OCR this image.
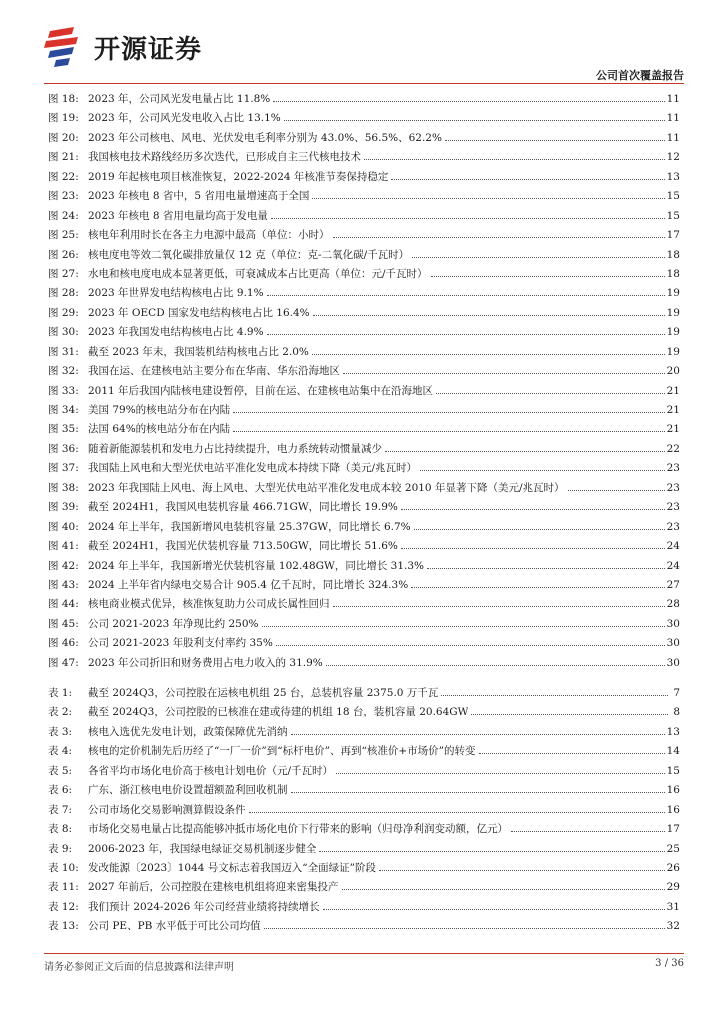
开源证券
公司首次覆盖报告
图 18: 2023 年，公司风光发电量占比 11.8%	11
图 19: 2023 年，公司风光发电收入占比 13.1%	11
图 20: 2023 年公司核电、风电、光伏发电毛利率分别为 43.0%、56.5%、62.2%	11
图 21: 我国核电技术路线经历多次迭代，已形成自主三代核电技术	12
图 22: 2019 年起核电项目核准恢复，2022-2024 年核准节奏保持稳定	13
图 23: 2023 年核电 8 省中，5 省用电量增速高于全国	15
图 24: 2023 年核电 8 省用电量均高于发电量	15
图 25: 核电年利用时长在各主力电源中最高（单位：小时）	17
图 26: 核电度电等效二氧化碳排放量仅 12 克（单位：克-二氧化碳/千瓦时）	18
图 27: 水电和核电度电成本显著更低，可衰减成本占比更高（单位：元/千瓦时）	18
图 28: 2023 年世界发电结构核电占比 9.1%	19
图 29: 2023 年 OECD 国家发电结构核电占比 16.4%	19
图 30: 2023 年我国发电结构核电占比 4.9%	19
图 31: 截至 2023 年末，我国装机结构核电占比 2.0%	19
图 32: 我国在运、在建核电站主要分布在华南、华东沿海地区	20
图 33: 2011 年后我国内陆核电建设暂停，目前在运、在建核电站集中在沿海地区	21
图 34: 美国 79%的核电站分布在内陆	21
图 35: 法国 64%的核电站分布在内陆	21
图 36: 随着新能源装机和发电力占比持续提升，电力系统转动惯量减少	22
图 37: 我国陆上风电和大型光伏电站平准化发电成本持续下降（美元/兆瓦时）	23
图 38: 2023 年我国陆上风电、海上风电、大型光伏电站平准化发电成本较 2010 年显著下降（美元/兆瓦时）	23
图 39: 截至 2024H1，我国风电装机容量 466.71GW，同比增长 19.9%	23
图 40: 2024 年上半年，我国新增风电装机容量 25.37GW，同比增长 6.7%	23
图 41: 截至 2024H1，我国光伏装机容量 713.50GW，同比增长 51.6%	24
图 42: 2024 年上半年，我国新增光伏装机容量 102.48GW，同比增长 31.3%	24
图 43: 2024 上半年省内绿电交易合计 905.4 亿千瓦时，同比增长 324.3%	27
图 44: 核电商业模式优异，核准恢复助力公司成长属性回归	28
图 45: 公司 2021-2023 年净现比约 250%	30
图 46: 公司 2021-2023 年股利支付率约 35%	30
图 47: 2023 年公司折旧和财务费用占电力收入的 31.9%	30
表 1:	截至 2024Q3，公司控股在运核电机组 25 台，总装机容量 2375.0 万千瓦	7
表 2:	截至 2024Q3，公司控股的已核准在建或待建的机组 18 台，装机容量 20.64GW	8
表 3:	核电入选优先发电计划，政策保障优先消纳	13
表 4:	核电的定价机制先后历经了“一厂一价”到“标杆电价”、再到“核准价+市场价”的转变	14
表 5:	各省平均市场化电价高于核电计划电价（元/千瓦时）	15
表 6:	广东、浙江核电电价设置超额盈利回收机制	16
表 7:	公司市场化交易影响测算假设条件	16
表 8:	市场化交易电量占比提高能够冲抵市场化电价下行带来的影响（归母净利润变动额，亿元）	17
表 9:	2006-2023 年，我国绿电绿证交易机制逐步健全	25
表 10: 发改能源〔2023〕1044 号文标志着我国迈入“全面绿证”阶段	26
表 11: 2027 年前后，公司控股在建核电机组将迎来密集投产	29
表 12: 我们预计 2024-2026 年公司经营业绩将持续增长	31
表 13: 公司 PE、PB 水平低于可比公司均值	32
请务必参阅正文后面的信息披露和法律声明	3 / 36
